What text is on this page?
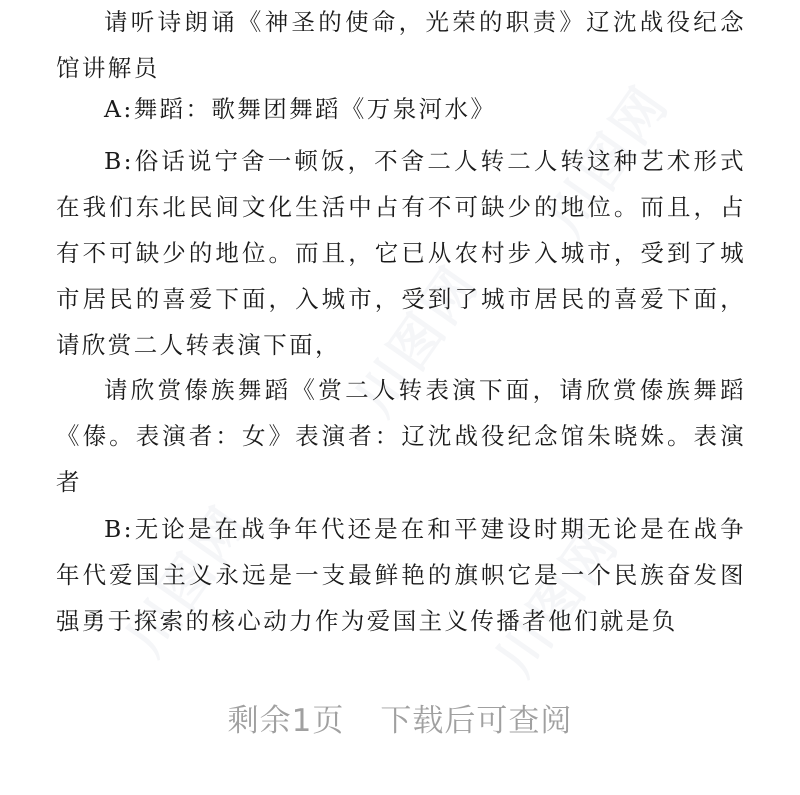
川图网
川图网
川图网	川图网

请听诗朗诵《神圣的使命，光荣的职责》辽沈战役纪念馆讲解员

A:舞蹈：歌舞团舞蹈《万泉河水》

B:俗话说宁舍一顿饭，不舍二人转二人转这种艺术形式在我们东北民间文化生活中占有不可缺少的地位。而且，占有不可缺少的地位。而且，它已从农村步入城市，受到了城市居民的喜爱下面，入城市，受到了城市居民的喜爱下面，请欣赏二人转表演下面，

请欣赏傣族舞蹈《赏二人转表演下面，请欣赏傣族舞蹈《傣。表演者：女》表演者：辽沈战役纪念馆朱晓姝。表演者

B:无论是在战争年代还是在和平建设时期无论是在战争年代爱国主义永远是一支最鲜艳的旗帜它是一个民族奋发图强勇于探索的核心动力作为爱国主义传播者他们就是负

剩余1页 下载后可查阅
